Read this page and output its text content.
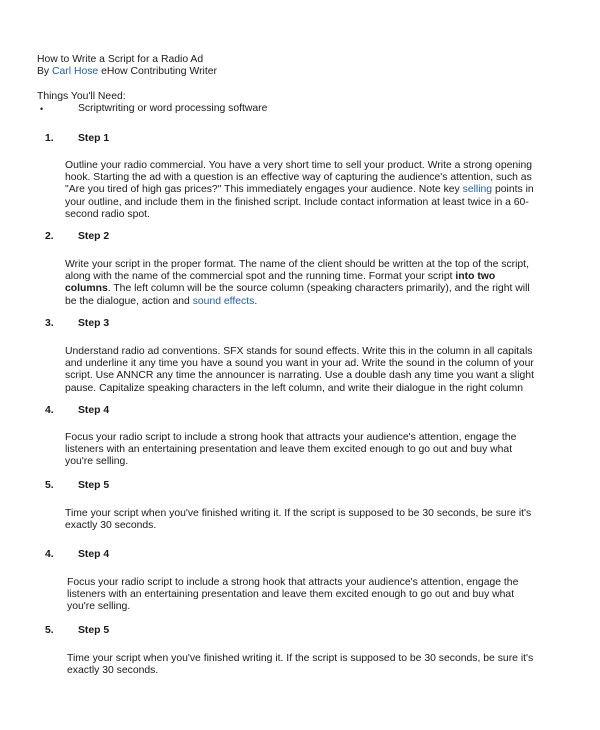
How to Write a Script for a Radio Ad
By Carl Hose eHow Contributing Writer
Things You'll Need:
•	Scriptwriting or word processing software
1. Step 1

Outline your radio commercial. You have a very short time to sell your product. Write a strong opening

hook. Starting the ad with a question is an effective way of capturing the audience's attention, such as

"Are you tired of high gas prices?" This immediately engages your audience. Note key selling points in

your outline, and include them in the finished script. Include contact information at least twice in a 60-

second radio spot.

2. Step 2

Write your script in the proper format. The name of the client should be written at the top of the script,

along with the name of the commercial spot and the running time. Format your script into two

columns. The left column will be the source column (speaking characters primarily), and the right will

be the dialogue, action and sound effects.

3. Step 3

Understand radio ad conventions. SFX stands for sound effects. Write this in the column in all capitals

and underline it any time you have a sound you want in your ad. Write the sound in the column of your

script. Use ANNCR any time the announcer is narrating. Use a double dash any time you want a slight

pause. Capitalize speaking characters in the left column, and write their dialogue in the right column

4. Step 4

Focus your radio script to include a strong hook that attracts your audience's attention, engage the

listeners with an entertaining presentation and leave them excited enough to go out and buy what

you're selling.

5. Step 5

Time your script when you've finished writing it. If the script is supposed to be 30 seconds, be sure it's

exactly 30 seconds.

4. Step 4

Focus your radio script to include a strong hook that attracts your audience's attention, engage the

listeners with an entertaining presentation and leave them excited enough to go out and buy what

you're selling.

5. Step 5

Time your script when you've finished writing it. If the script is supposed to be 30 seconds, be sure it's

exactly 30 seconds.
